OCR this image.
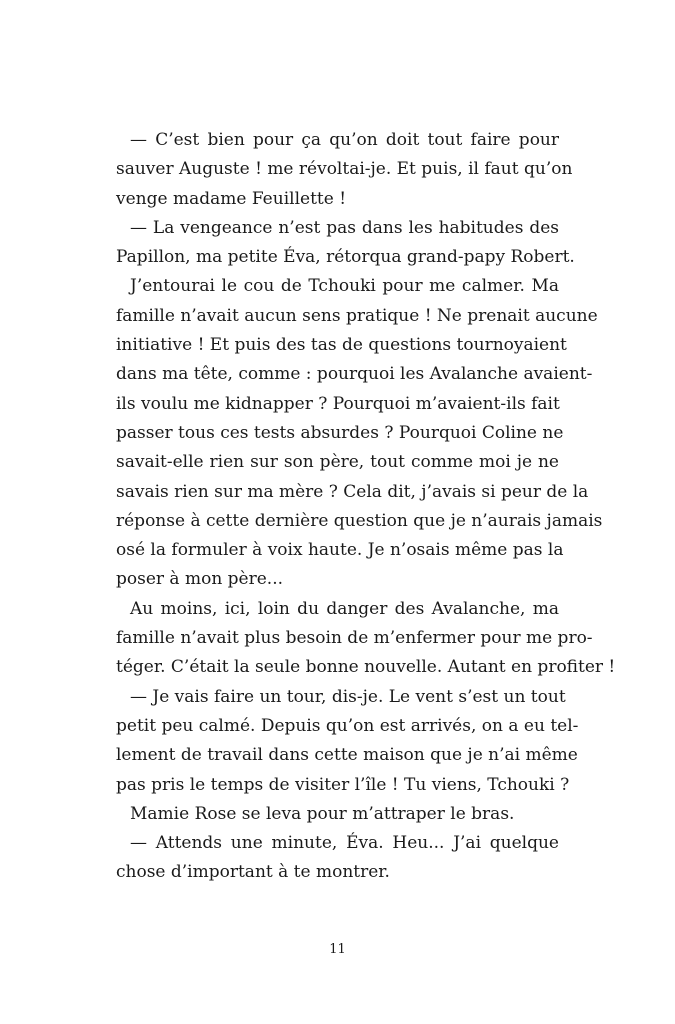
— C’est bien pour ça qu’on doit tout faire pour
sauver Auguste ! me révoltai-je. Et puis, il faut qu’on
venge madame Feuillette !
— La vengeance n’est pas dans les habitudes des
Papillon, ma petite Éva, rétorqua grand-papy Robert.
J’entourai le cou de Tchouki pour me calmer. Ma
famille n’avait aucun sens pratique ! Ne prenait aucune
initiative ! Et puis des tas de questions tournoyaient
dans ma tête, comme : pourquoi les Avalanche avaient-
ils voulu me kidnapper ? Pourquoi m’avaient-ils fait
passer tous ces tests absurdes ? Pourquoi Coline ne
savait-elle rien sur son père, tout comme moi je ne
savais rien sur ma mère ? Cela dit, j’avais si peur de la
réponse à cette dernière question que je n’aurais jamais
osé la formuler à voix haute. Je n’osais même pas la
poser à mon père...
Au moins, ici, loin du danger des Avalanche, ma
famille n’avait plus besoin de m’enfermer pour me pro-
téger. C’était la seule bonne nouvelle. Autant en profiter !
— Je vais faire un tour, dis-je. Le vent s’est un tout
petit peu calmé. Depuis qu’on est arrivés, on a eu tel-
lement de travail dans cette maison que je n’ai même
pas pris le temps de visiter l’île ! Tu viens, Tchouki ?
Mamie Rose se leva pour m’attraper le bras.
— Attends une minute, Éva. Heu... J’ai quelque
chose d’important à te montrer.
11
